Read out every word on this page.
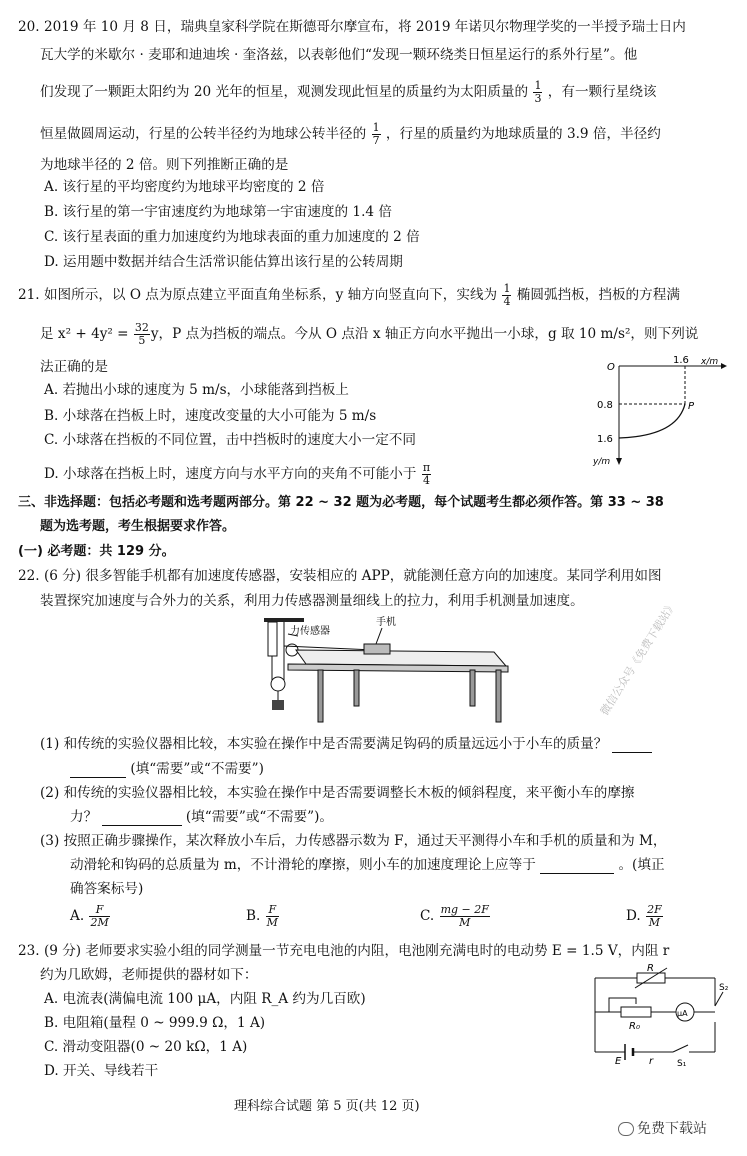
20. 2019 年 10 月 8 日，瑞典皇家科学院在斯德哥尔摩宣布，将 2019 年诺贝尔物理学奖的一半授予瑞士日内
瓦大学的米歇尔 · 麦耶和迪迪埃 · 奎洛兹，以表彰他们“发现一颗环绕类日恒星运行的系外行星”。他
们发现了一颗距太阳约为 20 光年的恒星，观测发现此恒星的质量约为太阳质量的 $\frac{1}{3}$ ，有一颗行星绕该
恒星做圆周运动，行星的公转半径约为地球公转半径的 $\frac{1}{7}$ ，行星的质量约为地球质量的 3.9 倍，半径约
为地球半径的 2 倍。则下列推断正确的是
A. 该行星的平均密度约为地球平均密度的 2 倍
B. 该行星的第一宇宙速度约为地球第一宇宙速度的 1.4 倍
C. 该行星表面的重力加速度约为地球表面的重力加速度的 2 倍
D. 运用题中数据并结合生活常识能估算出该行星的公转周期
21. 如图所示，以 O 点为原点建立平面直角坐标系，y 轴方向竖直向下，实线为 $\frac{1}{4}$ 椭圆弧挡板，挡板的方程满
足 $x^2 + 4y^2 = \frac{32}{5}$ y，P 点为挡板的端点。今从 O 点沿 x 轴正方向水平抛出一小球，g 取 10 m/s²，则下列说
法正确的是
A. 若抛出小球的速度为 5 m/s，小球能落到挡板上
B. 小球落在挡板上时，速度改变量的大小可能为 5 m/s
C. 小球落在挡板的不同位置，击中挡板时的速度大小一定不同
D. 小球落在挡板上时，速度方向与水平方向的夹角不可能小于 $\frac{\pi}{4}$
O
1.6 x/m
0.8
1.6
y/m
P
三、非选择题：包括必考题和选考题两部分。第 22 ~ 32 题为必考题，每个试题考生都必须作答。第 33 ~ 38
题为选考题，考生根据要求作答。
(一) 必考题：共 129 分。
22. (6 分) 很多智能手机都有加速度传感器，安装相应的 APP，就能测任意方向的加速度。某同学利用如图
装置探究加速度与合外力的关系，利用力传感器测量细线上的拉力，利用手机测量加速度。
力传感器
手机
(1) 和传统的实验仪器相比较，本实验在操作中是否需要满足钩码的质量远远小于小车的质量？
(填“需要”或“不需要”)
(2) 和传统的实验仪器相比较，本实验在操作中是否需要调整长木板的倾斜程度，来平衡小车的摩擦
力？	(填“需要”或“不需要”)。
(3) 按照正确步骤操作，某次释放小车后，力传感器示数为 F，通过天平测得小车和手机的质量和为 M，
动滑轮和钩码的总质量为 m，不计滑轮的摩擦，则小车的加速度理论上应等于	。(填正
确答案标号)
A. $\frac{F}{2M}$	B. $\frac{F}{M}$	C. $\frac{mg - 2F}{M}$	D. $\frac{2F}{M}$
23. (9 分) 老师要求实验小组的同学测量一节充电电池的内阻，电池刚充满电时的电动势 E = 1.5 V，内阻 r
约为几欧姆，老师提供的器材如下：
A. 电流表(满偏电流 100 μA，内阻 R_A 约为几百欧)
B. 电阻箱(量程 0 ~ 999.9 Ω，1 A)
C. 滑动变阻器(0 ~ 20 kΩ，1 A)
D. 开关、导线若干
R
R₀
μA
S₂
S₁
E	r
理科综合试题 第 5 页(共 12 页)
微信公众号《免费下载站》
免费下载站
